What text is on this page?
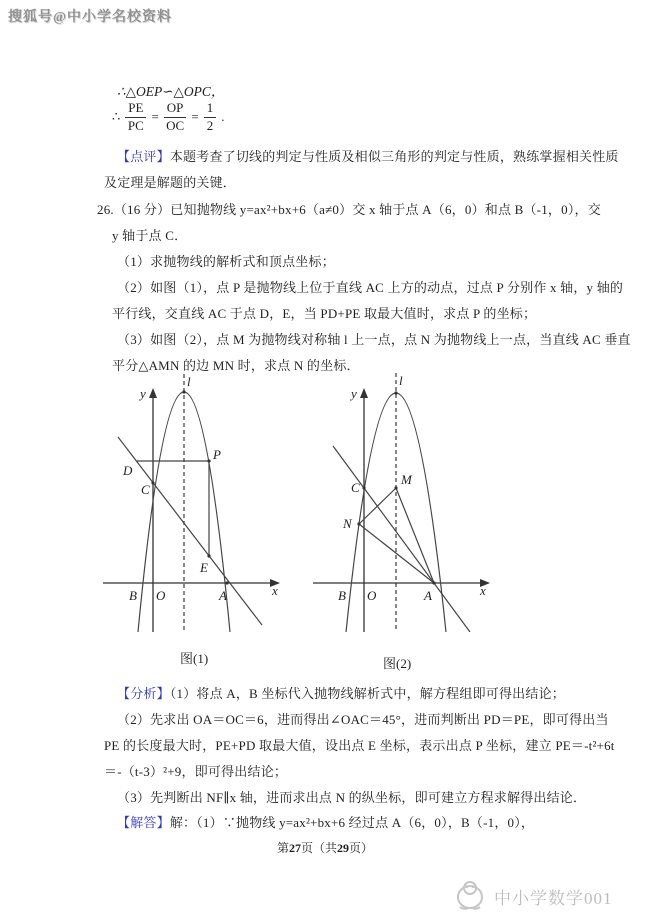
搜狐号@中小学名校资料
∴△OEP∽△OPC，
∴ $\frac{PE}{PC} = \frac{OP}{OC} = \frac{1}{2}$ .
【点评】本题考查了切线的判定与性质及相似三角形的判定与性质，熟练掌握相关性质
及定理是解题的关键．
26.（16 分）已知抛物线 y=ax²+bx+6（a≠0）交 x 轴于点 A（6，0）和点 B（-1，0），交
y 轴于点 C．
（1）求抛物线的解析式和顶点坐标；
（2）如图（1），点 P 是抛物线上位于直线 AC 上方的动点，过点 P 分别作 x 轴，y 轴的
平行线，交直线 AC 于点 D，E，当 PD+PE 取最大值时，求点 P 的坐标；
（3）如图（2），点 M 为抛物线对称轴 l 上一点，点 N 为抛物线上一点，当直线 AC 垂直
平分△AMN 的边 MN 时，求点 N 的坐标．
l
y
x
B O	A
C
D
P
E
l
y
x
B O	A
C
M
N
图(1)	图(2)
【分析】（1）将点 A，B 坐标代入抛物线解析式中，解方程组即可得出结论；
（2）先求出 OA＝OC＝6，进而得出∠OAC＝45°，进而判断出 PD＝PE，即可得出当
PE 的长度最大时，PE+PD 取最大值，设出点 E 坐标，表示出点 P 坐标，建立 PE＝-t²+6t
＝-（t-3）²+9，即可得出结论；
（3）先判断出 NF∥x 轴，进而求出点 N 的纵坐标，即可建立方程求解得出结论．
【解答】解：（1）∵抛物线 y=ax²+bx+6 经过点 A（6，0），B（-1，0），
第27页（共29页）
中小学数学001
